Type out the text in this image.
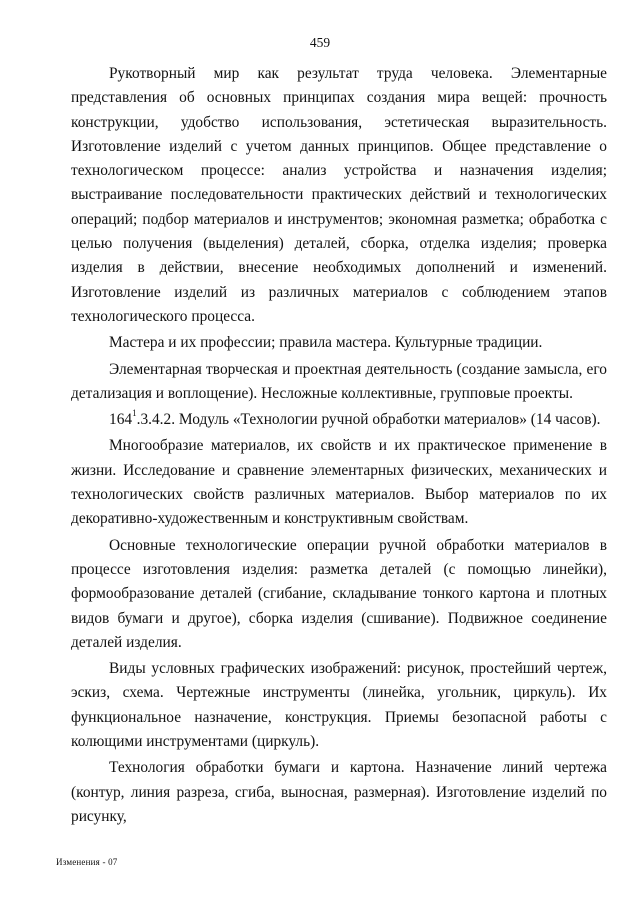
459

Рукотворный мир как результат труда человека. Элементарные представления об основных принципах создания мира вещей: прочность конструкции, удобство использования, эстетическая выразительность. Изготовление изделий с учетом данных принципов. Общее представление о технологическом процессе: анализ устройства и назначения изделия; выстраивание последовательности практических действий и технологических операций; подбор материалов и инструментов; экономная разметка; обработка с целью получения (выделения) деталей, сборка, отделка изделия; проверка изделия в действии, внесение необходимых дополнений и изменений. Изготовление изделий из различных материалов с соблюдением этапов технологического процесса.

Мастера и их профессии; правила мастера. Культурные традиции.

Элементарная творческая и проектная деятельность (создание замысла, его детализация и воплощение). Несложные коллективные, групповые проекты.

$164^1.3.4.2$. Модуль «Технологии ручной обработки материалов» (14 часов).

Многообразие материалов, их свойств и их практическое применение в жизни. Исследование и сравнение элементарных физических, механических и технологических свойств различных материалов. Выбор материалов по их декоративно-художественным и конструктивным свойствам.

Основные технологические операции ручной обработки материалов в процессе изготовления изделия: разметка деталей (с помощью линейки), формообразование деталей (сгибание, складывание тонкого картона и плотных видов бумаги и другое), сборка изделия (сшивание). Подвижное соединение деталей изделия.

Виды условных графических изображений: рисунок, простейший чертеж, эскиз, схема. Чертежные инструменты (линейка, угольник, циркуль). Их функциональное назначение, конструкция. Приемы безопасной работы с колющими инструментами (циркуль).

Технология обработки бумаги и картона. Назначение линий чертежа (контур, линия разреза, сгиба, выносная, размерная). Изготовление изделий по рисунку,

Изменения - 07
